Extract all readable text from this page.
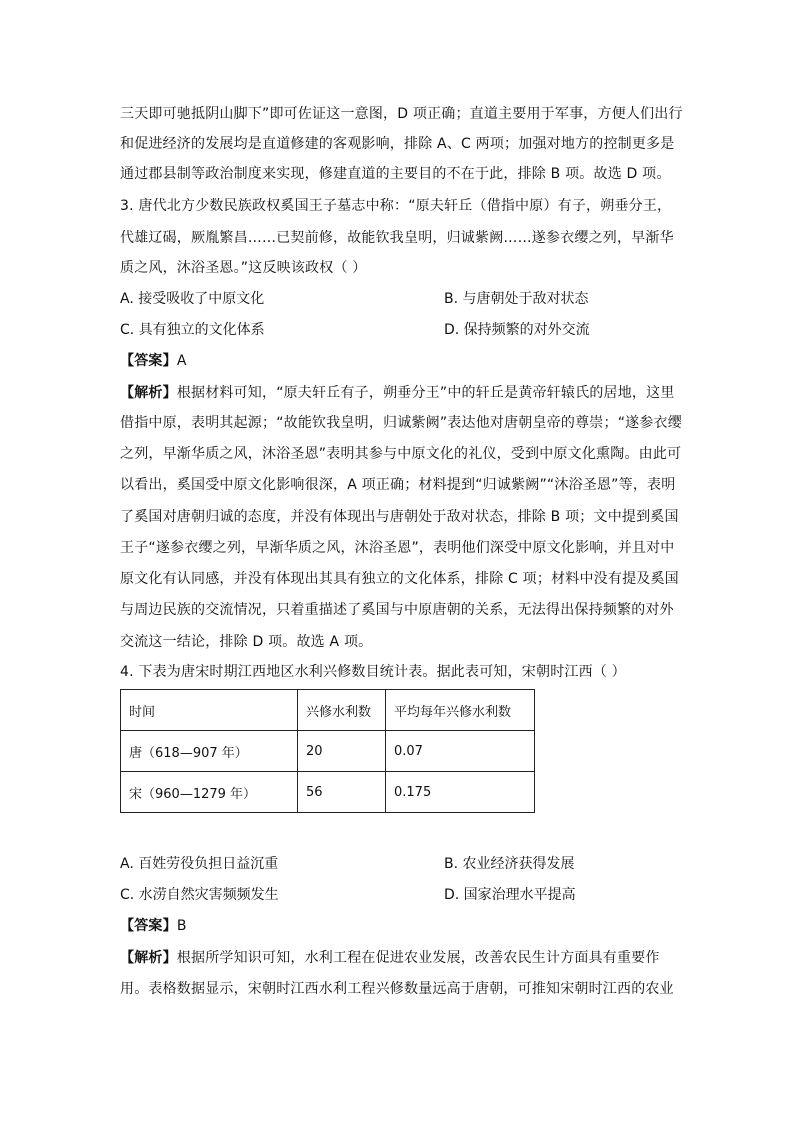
三天即可驰抵阴山脚下”即可佐证这一意图，D 项正确；直道主要用于军事，方便人们出行
和促进经济的发展均是直道修建的客观影响，排除 A、C 两项；加强对地方的控制更多是
通过郡县制等政治制度来实现，修建直道的主要目的不在于此，排除 B 项。故选 D 项。
3. 唐代北方少数民族政权奚国王子墓志中称：“原夫轩丘（借指中原）有子，朔垂分王，
代雄辽碣，厥胤繁昌……已契前修，故能钦我皇明，归诚紫阙……遂参衣缨之列，早渐华
质之风，沐浴圣恩。”这反映该政权（ ）
A. 接受吸收了中原文化	B. 与唐朝处于敌对状态
C. 具有独立的文化体系	D. 保持频繁的对外交流
【答案】A
【解析】根据材料可知，“原夫轩丘有子，朔垂分王”中的轩丘是黄帝轩辕氏的居地，这里
借指中原，表明其起源；“故能钦我皇明，归诚紫阙”表达他对唐朝皇帝的尊崇；“遂参衣缨
之列，早渐华质之风，沐浴圣恩”表明其参与中原文化的礼仪，受到中原文化熏陶。由此可
以看出，奚国受中原文化影响很深，A 项正确；材料提到“归诚紫阙”“沐浴圣恩”等，表明
了奚国对唐朝归诚的态度，并没有体现出与唐朝处于敌对状态，排除 B 项；文中提到奚国
王子“遂参衣缨之列，早渐华质之风，沐浴圣恩”，表明他们深受中原文化影响，并且对中
原文化有认同感，并没有体现出其具有独立的文化体系，排除 C 项；材料中没有提及奚国
与周边民族的交流情况，只着重描述了奚国与中原唐朝的关系，无法得出保持频繁的对外
交流这一结论，排除 D 项。故选 A 项。
4. 下表为唐宋时期江西地区水利兴修数目统计表。据此表可知，宋朝时江西（ ）
时间	兴修水利数	平均每年兴修水利数
唐（618—907 年）	20	0.07
宋（960—1279 年）	56	0.175
A. 百姓劳役负担日益沉重	B. 农业经济获得发展
C. 水涝自然灾害频频发生	D. 国家治理水平提高
【答案】B
【解析】根据所学知识可知，水利工程在促进农业发展，改善农民生计方面具有重要作
用。表格数据显示，宋朝时江西水利工程兴修数量远高于唐朝，可推知宋朝时江西的农业
